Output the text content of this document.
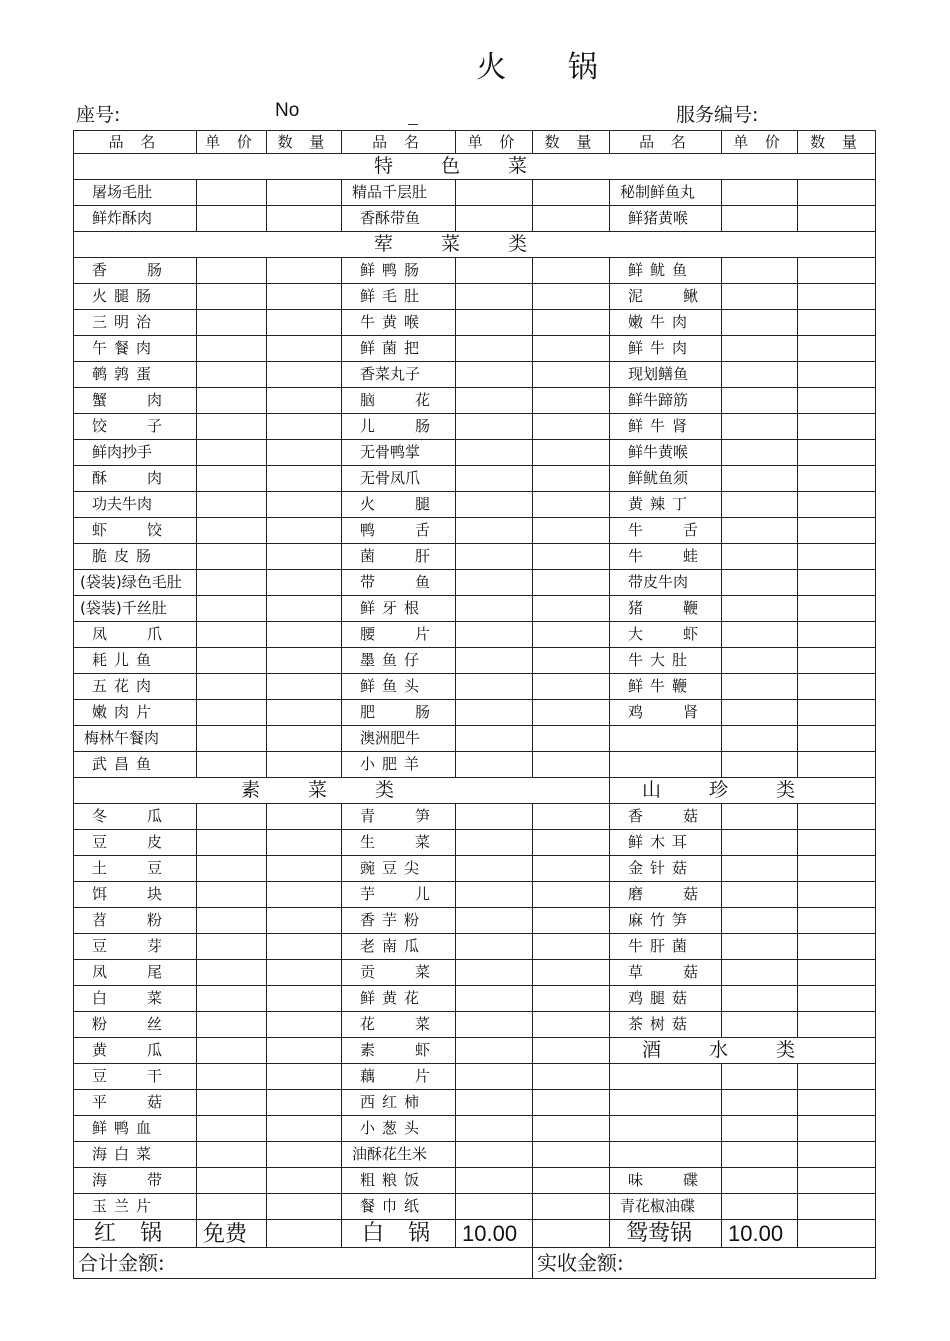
火 锅
座号:	No	服务编号:
品 名	单 价	数 量	品 名	单 价	数 量	品 名	单 价	数 量
特色菜								
屠场毛肚			精品千层肚			秘制鲜鱼丸		
鲜炸酥肉			香酥带鱼			鲜猪黄喉		
荤菜类								
香肠			鲜鸭肠			鲜鱿鱼		
火腿肠			鲜毛肚			泥鳅		
三明治			牛黄喉			嫩牛肉		
午餐肉			鲜菌把			鲜牛肉		
鹌鹑蛋			香菜丸子			现划鳝鱼		
蟹肉			脑花			鲜牛蹄筋		
饺子			儿肠			鲜牛肾		
鲜肉抄手			无骨鸭掌			鲜牛黄喉		
酥肉			无骨凤爪			鲜鱿鱼须		
功夫牛肉			火腿			黄辣丁		
虾饺			鸭舌			牛舌		
脆皮肠			菌肝			牛蛙		
(袋装)绿色毛肚			带鱼			带皮牛肉		
(袋装)千丝肚			鲜牙根			猪鞭		
凤爪			腰片			大虾		
耗儿鱼			墨鱼仔			牛大肚		
五花肉			鲜鱼头			鲜牛鞭		
嫩肉片			肥肠			鸡肾		
梅林午餐肉			澳洲肥牛					
武昌鱼			小肥羊					
素菜类						山珍类		
冬瓜			青笋			香菇		
豆皮			生菜			鲜木耳		
土豆			豌豆尖			金针菇		
饵块			芋儿			磨菇		
苕粉			香芋粉			麻竹笋		
豆芽			老南瓜			牛肝菌		
凤尾			贡菜			草菇		
白菜			鲜黄花			鸡腿菇		
粉丝			花菜			茶树菇		
黄瓜			素虾			酒水类		
豆干			藕片					
平菇			西红柿					
鲜鸭血			小葱头					
海白菜			油酥花生米					
海带			粗粮饭			味碟		
玉兰片			餐巾纸			青花椒油碟		
红锅	免费		白锅	10.00		鸳鸯锅	10.00	
合计金额:					实收金额:			
